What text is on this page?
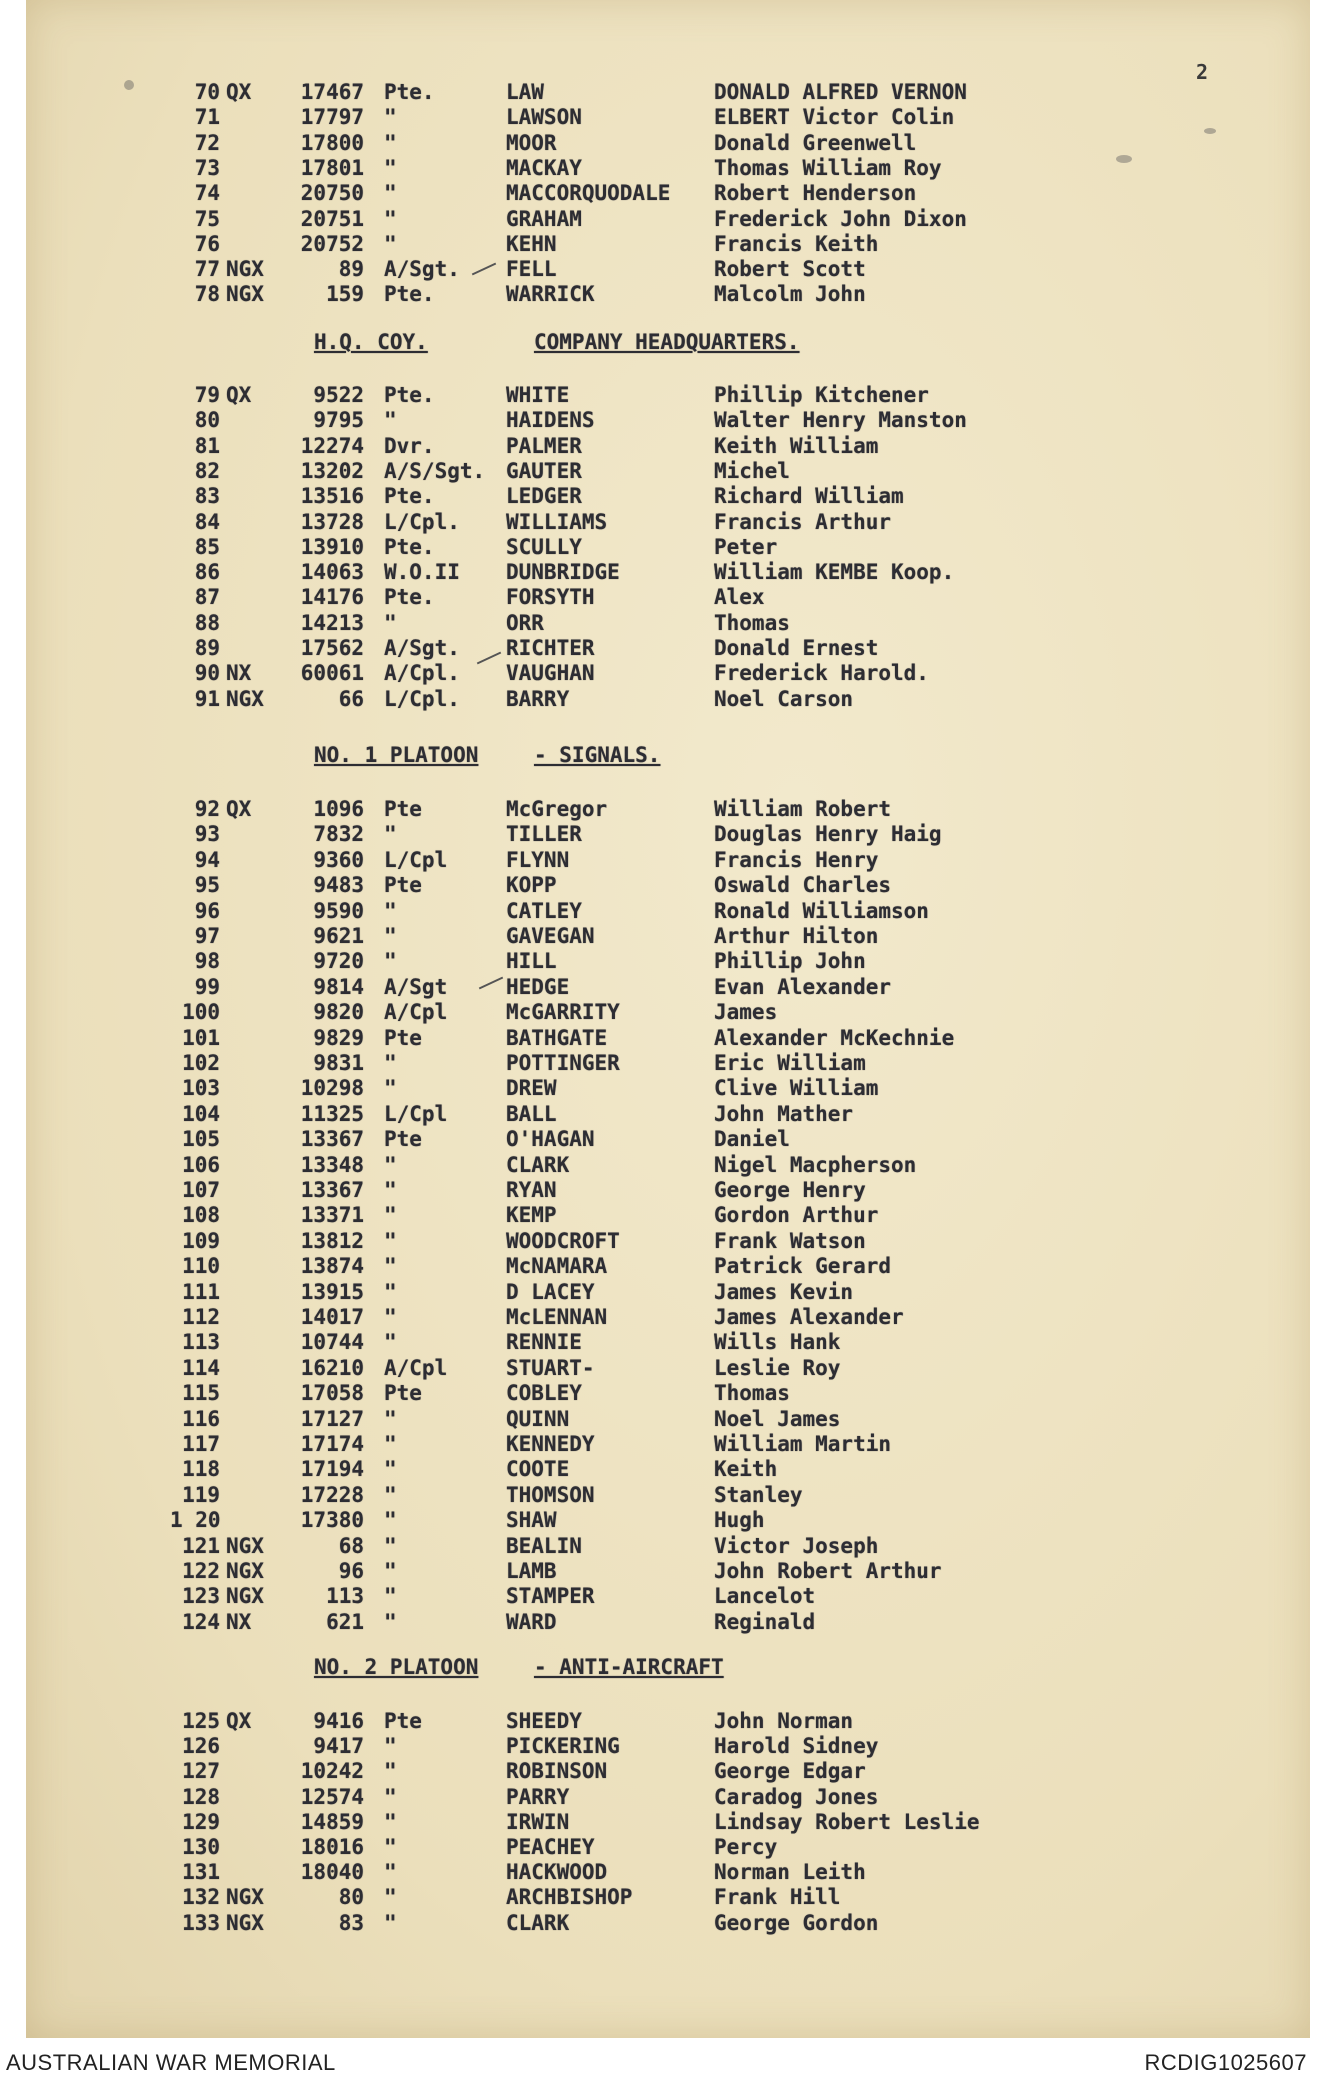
2
70 QX	17467 Pte.	LAW	DONALD ALFRED VERNON
71	17797 "	LAWSON	ELBERT Victor Colin
72	17800 "	MOOR	Donald Greenwell
73	17801 "	MACKAY	Thomas William Roy
74	20750 "	MACCORQUODALE Robert Henderson
75	20751 "	GRAHAM	Frederick John Dixon
76	20752 "	KEHN	Francis Keith
77 NGX	89 A/Sgt. FELL	Robert Scott
78 NGX	159 Pte.	WARRICK	Malcolm John
H.Q. COY.	COMPANY HEADQUARTERS.
79 QX	9522 Pte.	WHITE	Phillip Kitchener
80	9795 "	HAIDENS	Walter Henry Manston
81	12274 Dvr.	PALMER	Keith William
82	13202 A/S/Sgt. GAUTER	Michel
83	13516 Pte.	LEDGER	Richard William
84	13728 L/Cpl. WILLIAMS	Francis Arthur
85	13910 Pte.	SCULLY	Peter
86	14063 W.O.II DUNBRIDGE	William KEMBE Koop.
87	14176 Pte.	FORSYTH	Alex
88	14213 "	ORR	Thomas
89	17562 A/Sgt. RICHTER	Donald Ernest
90 NX	60061 A/Cpl. VAUGHAN	Frederick Harold.
91 NGX	66 L/Cpl. BARRY	Noel Carson
NO. 1 PLATOON	- SIGNALS.
92 QX	1096 Pte	McGregor	William Robert
93	7832 "	TILLER	Douglas Henry Haig
94	9360 L/Cpl	FLYNN	Francis Henry
95	9483 Pte	KOPP	Oswald Charles
96	9590 "	CATLEY	Ronald Williamson
97	9621 "	GAVEGAN	Arthur Hilton
98	9720 "	HILL	Phillip John
99	9814 A/Sgt	HEDGE	Evan Alexander
100	9820 A/Cpl	McGARRITY	James
101	9829 Pte	BATHGATE	Alexander McKechnie
102	9831 "	POTTINGER	Eric William
103	10298 "	DREW	Clive William
104	11325 L/Cpl	BALL	John Mather
105	13367 Pte	O'HAGAN	Daniel
106	13348 "	CLARK	Nigel Macpherson
107	13367 "	RYAN	George Henry
108	13371 "	KEMP	Gordon Arthur
109	13812 "	WOODCROFT	Frank Watson
110	13874 "	McNAMARA	Patrick Gerard
111	13915 "	D LACEY	James Kevin
112	14017 "	McLENNAN	James Alexander
113	10744 "	RENNIE	Wills Hank
114	16210 A/Cpl	STUART-	Leslie Roy
115	17058 Pte	COBLEY	Thomas
116	17127 "	QUINN	Noel James
117	17174 "	KENNEDY	William Martin
118	17194 "	COOTE	Keith
119	17228 "	THOMSON	Stanley
1 20	17380 "	SHAW	Hugh
121 NGX	68 "	BEALIN	Victor Joseph
122 NGX	96 "	LAMB	John Robert Arthur
123 NGX	113 "	STAMPER	Lancelot
124 NX	621 "	WARD	Reginald
NO. 2 PLATOON	- ANTI-AIRCRAFT
125 QX	9416 Pte	SHEEDY	John Norman
126	9417 "	PICKERING	Harold Sidney
127	10242 "	ROBINSON	George Edgar
128	12574 "	PARRY	Caradog Jones
129	14859 "	IRWIN	Lindsay Robert Leslie
130	18016 "	PEACHEY	Percy
131	18040 "	HACKWOOD	Norman Leith
132 NGX	80 "	ARCHBISHOP	Frank Hill
133 NGX	83 "	CLARK	George Gordon
AUSTRALIAN WAR MEMORIAL	RCDIG1025607
